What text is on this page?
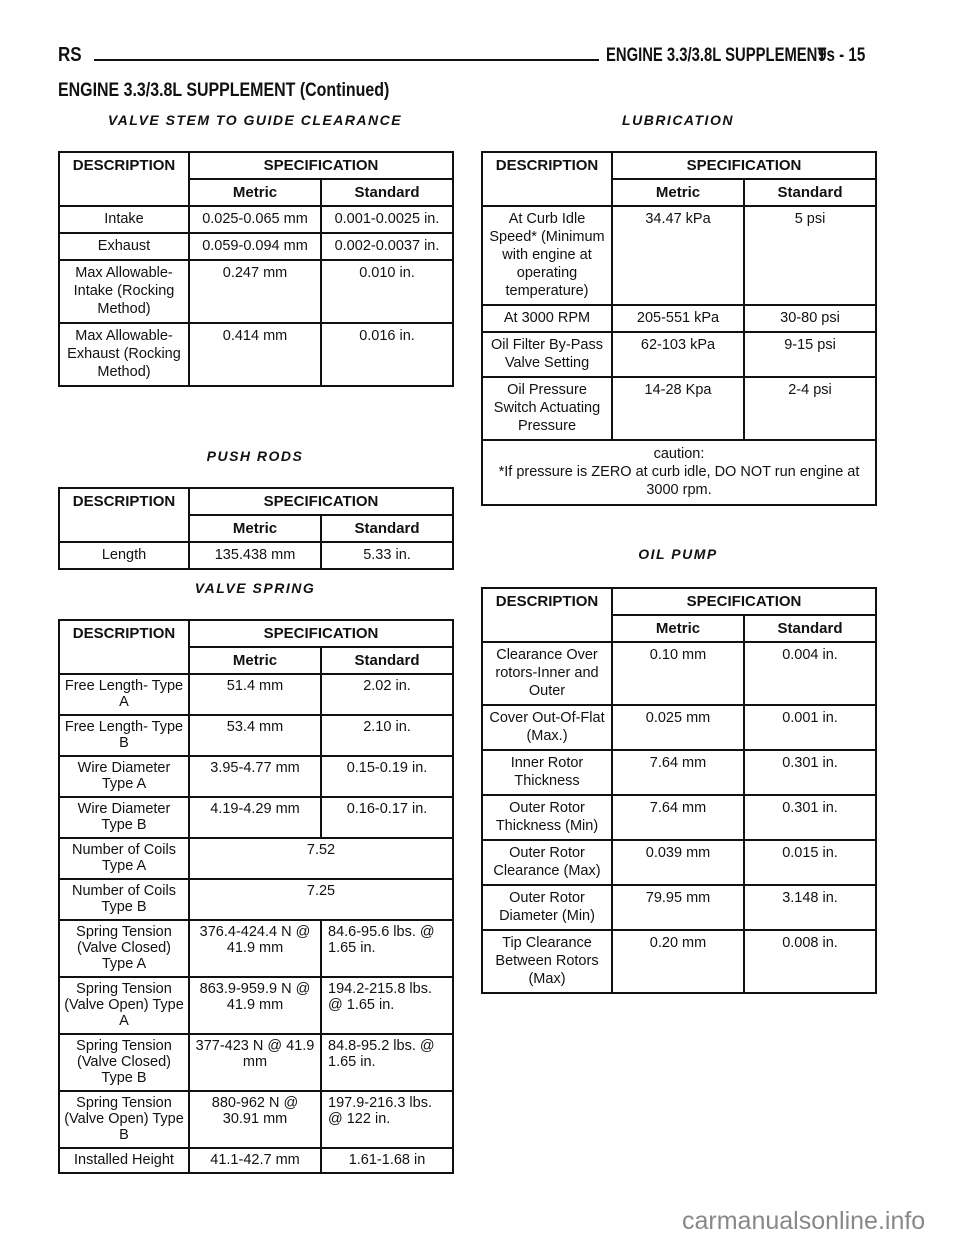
RS	ENGINE 3.3/3.8L SUPPLEMENT
9s - 15
ENGINE 3.3/3.8L SUPPLEMENT (Continued)
VALVE STEM TO GUIDE CLEARANCE
DESCRIPTION	SPECIFICATION	
	Metric	Standard
Intake	0.025-0.065 mm	0.001-0.0025 in.
Exhaust	0.059-0.094 mm	0.002-0.0037 in.
Max Allowable- Intake (Rocking Method)	0.247 mm	0.010 in.
Max Allowable- Exhaust (Rocking Method)	0.414 mm	0.016 in.
PUSH RODS
DESCRIPTION	SPECIFICATION	
	Metric	Standard
Length	135.438 mm	5.33 in.
VALVE SPRING
DESCRIPTION	SPECIFICATION	
	Metric	Standard
Free Length- Type A	51.4 mm	2.02 in.
Free Length- Type B	53.4 mm	2.10 in.
Wire Diameter Type A	3.95-4.77 mm	0.15-0.19 in.
Wire Diameter Type B	4.19-4.29 mm	0.16-0.17 in.
Number of Coils Type A	7.52	
Number of Coils Type B	7.25	
Spring Tension (Valve Closed) Type A	376.4-424.4 N @ 41.9 mm	84.6-95.6 lbs. @ 1.65 in.
Spring Tension (Valve Open) Type A	863.9-959.9 N @ 41.9 mm	194.2-215.8 lbs. @ 1.65 in.
Spring Tension (Valve Closed) Type B	377-423 N @ 41.9 mm	84.8-95.2 lbs. @ 1.65 in.
Spring Tension (Valve Open) Type B	880-962 N @ 30.91 mm	197.9-216.3 lbs. @ 122 in.
Installed Height	41.1-42.7 mm	1.61-1.68 in
LUBRICATION
DESCRIPTION	SPECIFICATION	
	Metric	Standard
At Curb Idle Speed* (Minimum with engine at operating temperature)	34.47 kPa	5 psi
At 3000 RPM	205-551 kPa	30-80 psi
Oil Filter By-Pass Valve Setting	62-103 kPa	9-15 psi
Oil Pressure Switch Actuating Pressure	14-28 Kpa	2-4 psi

caution:
*If pressure is ZERO at curb idle, DO NOT run engine at 3000 rpm.		
OIL PUMP
DESCRIPTION	SPECIFICATION	
	Metric	Standard
Clearance Over rotors-Inner and Outer	0.10 mm	0.004 in.
Cover Out-Of-Flat (Max.)	0.025 mm	0.001 in.
Inner Rotor Thickness	7.64 mm	0.301 in.
Outer Rotor Thickness (Min)	7.64 mm	0.301 in.
Outer Rotor Clearance (Max)	0.039 mm	0.015 in.
Outer Rotor Diameter (Min)	79.95 mm	3.148 in.
Tip Clearance Between Rotors (Max)	0.20 mm	0.008 in.
carmanualsonline.info
